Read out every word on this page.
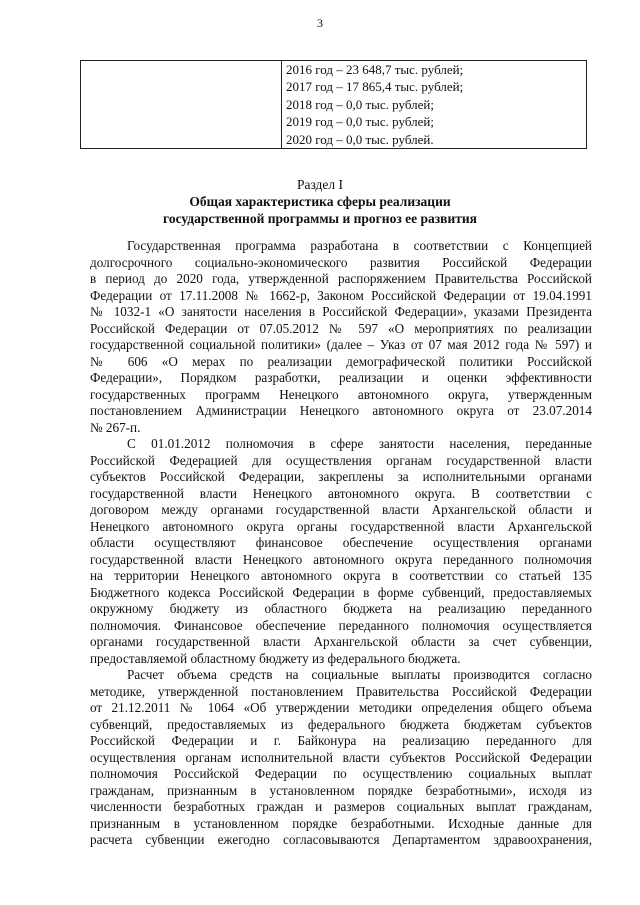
3

2016 год – 23 648,7 тыс. рублей;
2017 год – 17 865,4 тыс. рублей;
2018 год – 0,0 тыс. рублей;
2019 год – 0,0 тыс. рублей;
2020 год – 0,0 тыс. рублей.
Раздел I
Общая характеристика сферы реализации
государственной программы и прогноз ее развития
Государственная программа разработана в соответствии с Концепцией
долгосрочного социально-экономического развития Российской Федерации
в период до 2020 года, утвержденной распоряжением Правительства Российской
Федерации от 17.11.2008 № 1662-р, Законом Российской Федерации от 19.04.1991
№ 1032-1 «О занятости населения в Российской Федерации», указами Президента
Российской Федерации от 07.05.2012 № 597 «О мероприятиях по реализации
государственной социальной политики» (далее – Указ от 07 мая 2012 года № 597) и
№ 606 «О мерах по реализации демографической политики Российской
Федерации», Порядком разработки, реализации и оценки эффективности
государственных программ Ненецкого автономного округа, утвержденным
постановлением Администрации Ненецкого автономного округа от 23.07.2014
№ 267-п.
С 01.01.2012 полномочия в сфере занятости населения, переданные
Российской Федерацией для осуществления органам государственной власти
субъектов Российской Федерации, закреплены за исполнительными органами
государственной власти Ненецкого автономного округа. В соответствии с
договором между органами государственной власти Архангельской области и
Ненецкого автономного округа органы государственной власти Архангельской
области осуществляют финансовое обеспечение осуществления органами
государственной власти Ненецкого автономного округа переданного полномочия
на территории Ненецкого автономного округа в соответствии со статьей 135
Бюджетного кодекса Российской Федерации в форме субвенций, предоставляемых
окружному бюджету из областного бюджета на реализацию переданного
полномочия. Финансовое обеспечение переданного полномочия осуществляется
органами государственной власти Архангельской области за счет субвенции,
предоставляемой областному бюджету из федерального бюджета.
Расчет объема средств на социальные выплаты производится согласно
методике, утвержденной постановлением Правительства Российской Федерации
от 21.12.2011 № 1064 «Об утверждении методики определения общего объема
субвенций, предоставляемых из федерального бюджета бюджетам субъектов
Российской Федерации и г. Байконура на реализацию переданного для
осуществления органам исполнительной власти субъектов Российской Федерации
полномочия Российской Федерации по осуществлению социальных выплат
гражданам, признанным в установленном порядке безработными», исходя из
численности безработных граждан и размеров социальных выплат гражданам,
признанным в установленном порядке безработными. Исходные данные для
расчета субвенции ежегодно согласовываются Департаментом здравоохранения,
